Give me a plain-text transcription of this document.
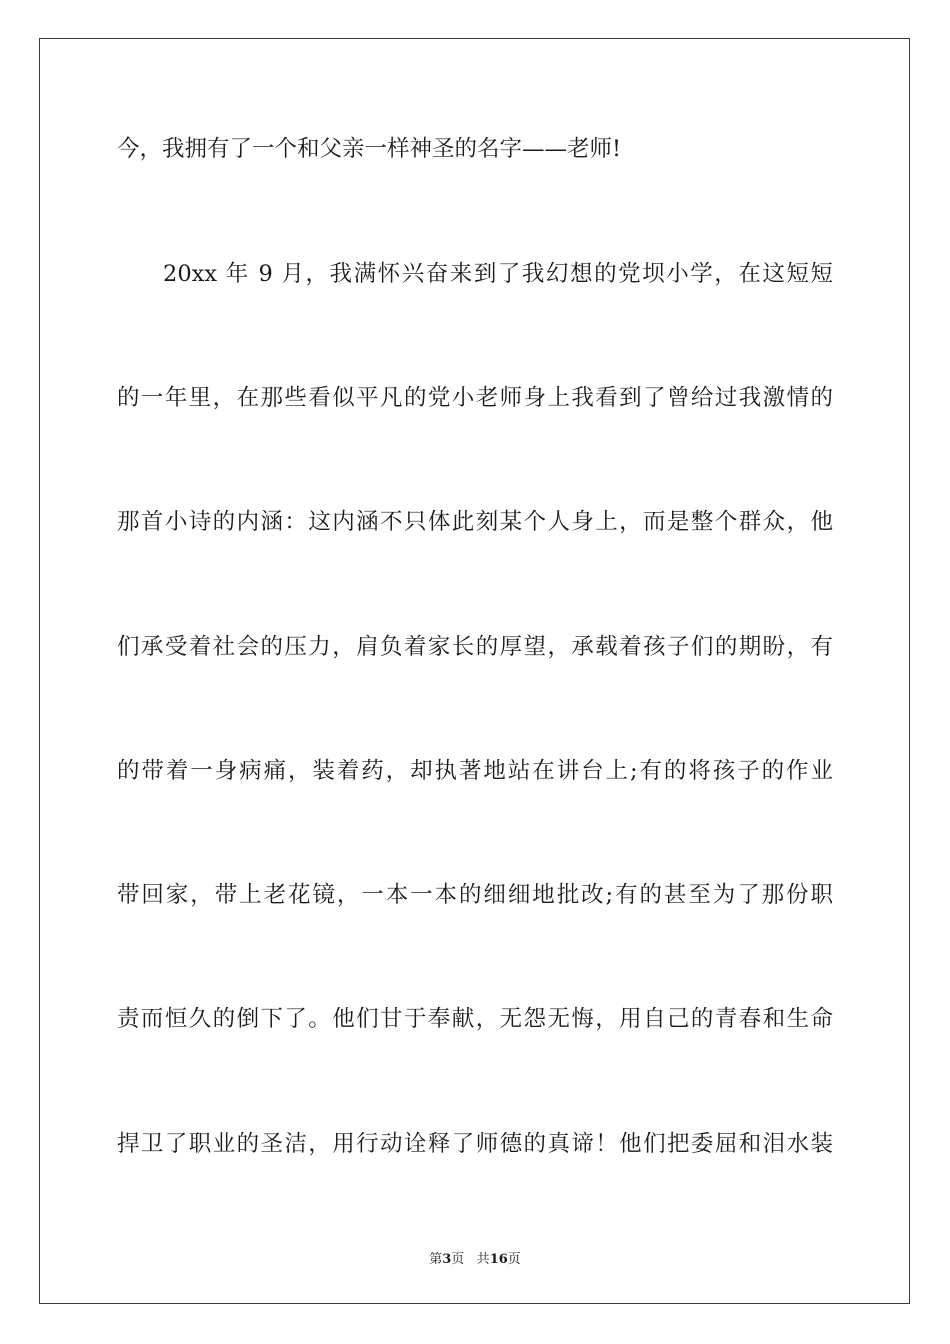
今，我拥有了一个和父亲一样神圣的名字——老师!
20xx 年 9 月，我满怀兴奋来到了我幻想的党坝小学，在这短短
的一年里，在那些看似平凡的党小老师身上我看到了曾给过我激情的
那首小诗的内涵：这内涵不只体此刻某个人身上，而是整个群众，他
们承受着社会的压力，肩负着家长的厚望，承载着孩子们的期盼，有
的带着一身病痛，装着药，却执著地站在讲台上;有的将孩子的作业
带回家，带上老花镜，一本一本的细细地批改;有的甚至为了那份职
责而恒久的倒下了。他们甘于奉献，无怨无悔，用自己的青春和生命
捍卫了职业的圣洁，用行动诠释了师德的真谛！他们把委屈和泪水装
第3页 共16页
